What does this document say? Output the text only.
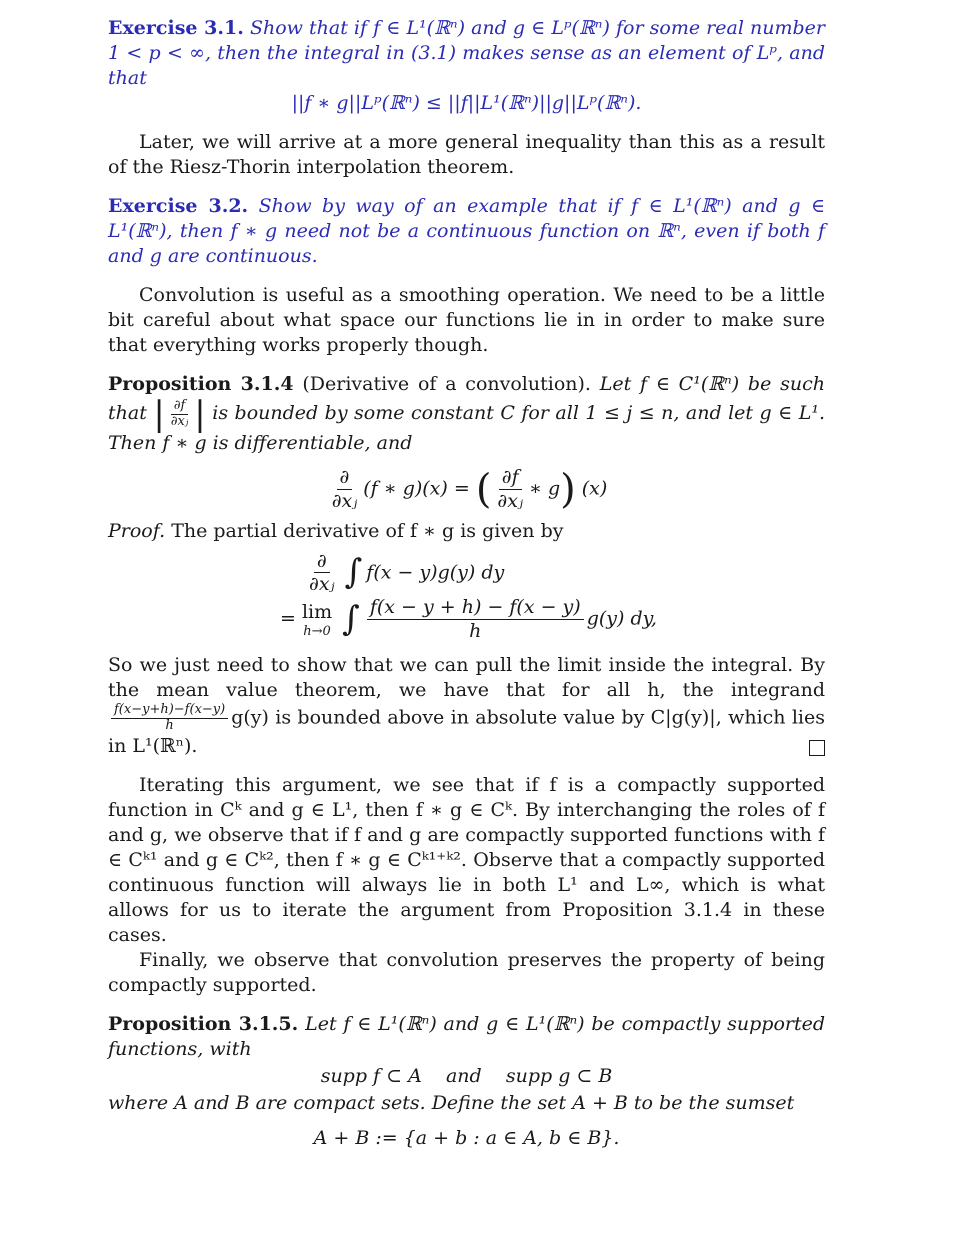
Exercise 3.1. Show that if f ∈ L¹(ℝⁿ) and g ∈ Lᵖ(ℝⁿ) for some real number 1 < p < ∞, then the integral in (3.1) makes sense as an element of Lᵖ, and that

||f ∗ g||Lᵖ(ℝⁿ) ≤ ||f||L¹(ℝⁿ)||g||Lᵖ(ℝⁿ).

Later, we will arrive at a more general inequality than this as a result of the Riesz-Thorin interpolation theorem.

Exercise 3.2. Show by way of an example that if f ∈ L¹(ℝⁿ) and g ∈ L¹(ℝⁿ), then f ∗ g need not be a continuous function on ℝⁿ, even if both f and g are continuous.

Convolution is useful as a smoothing operation. We need to be a little bit careful about what space our functions lie in in order to make sure that everything works properly though.

Proposition 3.1.4 (Derivative of a convolution). Let f ∈ C¹(ℝⁿ) be such that | $\frac{\partial f}{\text{∂xⱼ}}$ | is bounded by some constant C for all 1 ≤ j ≤ n, and let g ∈ L¹. Then f ∗ g is differentiable, and

$\frac{\partial}{\text{∂xⱼ}} (f$ ∗ g)(x) = ( $\frac{\partial f}{\text{∂xⱼ}}$ ∗ g) (x)

Proof. The partial derivative of f ∗ g is given by

$\frac{\partial}{\text{∂xⱼ}}$ ∫ f(x − y)g(y) dy

= lim
h→0 ∫ $\frac{f(x - y + h) - f(x - y)}{h} g(y)$ dy,

So we just need to show that we can pull the limit inside the integral. By the mean value theorem, we have that for all h, the integrand
$\frac{f(x-y+h)-f(x-y)}{h} g(y)$ is bounded above in absolute value by C|g(y)|, which lies in L¹(ℝⁿ).

Iterating this argument, we see that if f is a compactly supported function in Cᵏ and g ∈ L¹, then f ∗ g ∈ Cᵏ. By interchanging the roles of f and g, we observe that if f and g are compactly supported functions with f ∈ Cᵏ¹ and g ∈ Cᵏ², then f ∗ g ∈ Cᵏ¹⁺ᵏ². Observe that a compactly supported continuous function will always lie in both L¹ and L∞, which is what allows for us to iterate the argument from Proposition 3.1.4 in these cases.

Finally, we observe that convolution preserves the property of being compactly supported.

Proposition 3.1.5. Let f ∈ L¹(ℝⁿ) and g ∈ L¹(ℝⁿ) be compactly supported functions, with

supp f ⊂ A    and    supp g ⊂ B

where A and B are compact sets. Define the set A + B to be the sumset

A + B := {a + b : a ∈ A, b ∈ B}.
